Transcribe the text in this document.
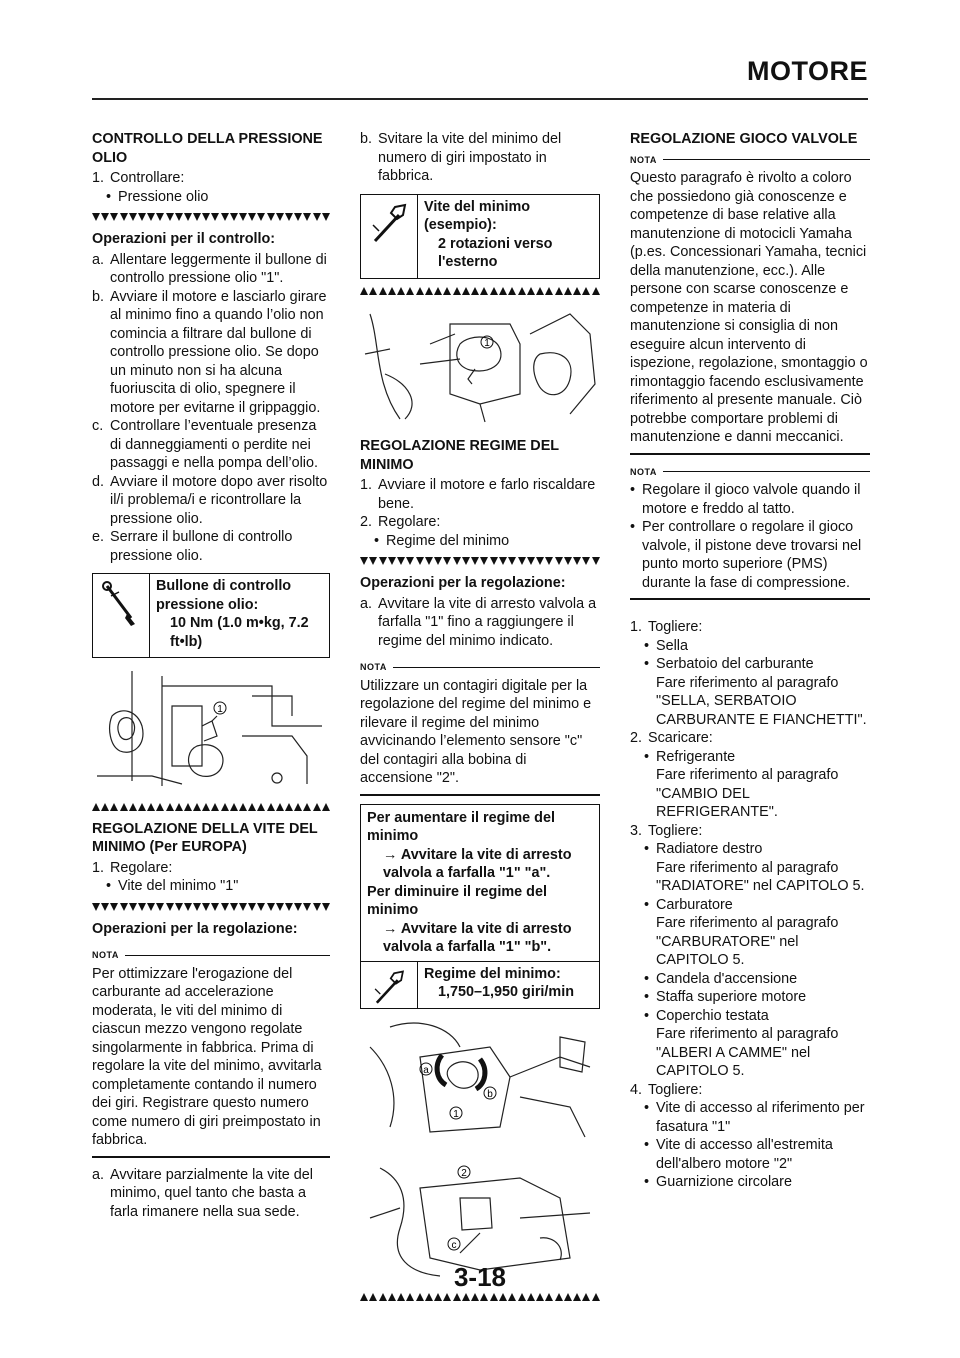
MOTORE
CONTROLLO DELLA PRESSIONE OLIO
1. Controllare:
• Pressione olio
Operazioni per il controllo:
a. Allentare leggermente il bullone di controllo pressione olio "1".
b. Avviare il motore e lasciarlo girare al minimo fino a quando l’olio non comincia a filtrare dal bullone di controllo pressione olio. Se dopo un minuto non si ha alcuna fuoriuscita di olio, spegnere il motore per evitarne il grippaggio.
c. Controllare l’eventuale presenza di danneggiamenti o perdite nei passaggi e nella pompa dell’olio.
d. Avviare il motore dopo aver risolto il/i problema/i e ricontrollare la pressione olio.
e. Serrare il bullone di controllo pressione olio.
Bullone di controllo pressione olio:
10 Nm (1.0 m•kg, 7.2 ft•lb)
1
REGOLAZIONE DELLA VITE DEL MINIMO (Per EUROPA)
1. Regolare:
• Vite del minimo "1"
Operazioni per la regolazione:
NOTA
Per ottimizzare l'erogazione del carburante ad accelerazione moderata, le viti del minimo di ciascun mezzo vengono regolate singolarmente in fabbrica. Prima di regolare la vite del minimo, avvitarla completamente contando il numero dei giri. Registrare questo numero come numero di giri preimpostato in fabbrica.
a. Avvitare parzialmente la vite del minimo, quel tanto che basta a farla rimanere nella sua sede.
b. Svitare la vite del minimo del numero di giri impostato in fabbrica.
Vite del minimo (esempio):
2 rotazioni verso l'esterno
1
REGOLAZIONE REGIME DEL MINIMO
1. Avviare il motore e farlo riscaldare bene.
2. Regolare:
• Regime del minimo
Operazioni per la regolazione:
a. Avvitare la vite di arresto valvola a farfalla "1" fino a raggiungere il regime del minimo indicato.
NOTA
Utilizzare un contagiri digitale per la regolazione del regime del minimo e rilevare il regime del minimo avvicinando l’elemento sensore "c" del contagiri alla bobina di accensione "2".
Per aumentare il regime del minimo
→ Avvitare la vite di arresto valvola a farfalla "1" "a".
Per diminuire il regime del minimo
→ Avvitare la vite di arresto valvola a farfalla "1" "b".
Regime del minimo:
1,750–1,950 giri/min
a
b
1
2
c
REGOLAZIONE GIOCO VALVOLE
NOTA
Questo paragrafo è rivolto a coloro che possiedono già conoscenze e competenze di base relative alla manutenzione di motocicli Yamaha (p.es. Concessionari Yamaha, tecnici della manutenzione, ecc.). Alle persone con scarse conoscenze e competenze in materia di manutenzione si consiglia di non eseguire alcun intervento di ispezione, regolazione, smontaggio o rimontaggio facendo esclusivamente riferimento al presente manuale. Ciò potrebbe comportare problemi di manutenzione e danni meccanici.
NOTA
• Regolare il gioco valvole quando il motore e freddo al tatto.
• Per controllare o regolare il gioco valvole, il pistone deve trovarsi nel punto morto superiore (PMS) durante la fase di compressione.
1. Togliere:
• Sella
• Serbatoio del carburante
Fare riferimento al paragrafo "SELLA, SERBATOIO CARBURANTE E FIANCHETTI".
2. Scaricare:
• Refrigerante
Fare riferimento al paragrafo "CAMBIO DEL REFRIGERANTE".
3. Togliere:
• Radiatore destro
Fare riferimento al paragrafo "RADIATORE" nel CAPITOLO 5.
• Carburatore
Fare riferimento al paragrafo "CARBURATORE" nel CAPITOLO 5.
• Candela d'accensione
• Staffa superiore motore
• Coperchio testata
Fare riferimento al paragrafo "ALBERI A CAMME" nel CAPITOLO 5.
4. Togliere:
• Vite di accesso al riferimento per fasatura "1"
• Vite di accesso all'estremita dell'albero motore "2"
• Guarnizione circolare
3-18
